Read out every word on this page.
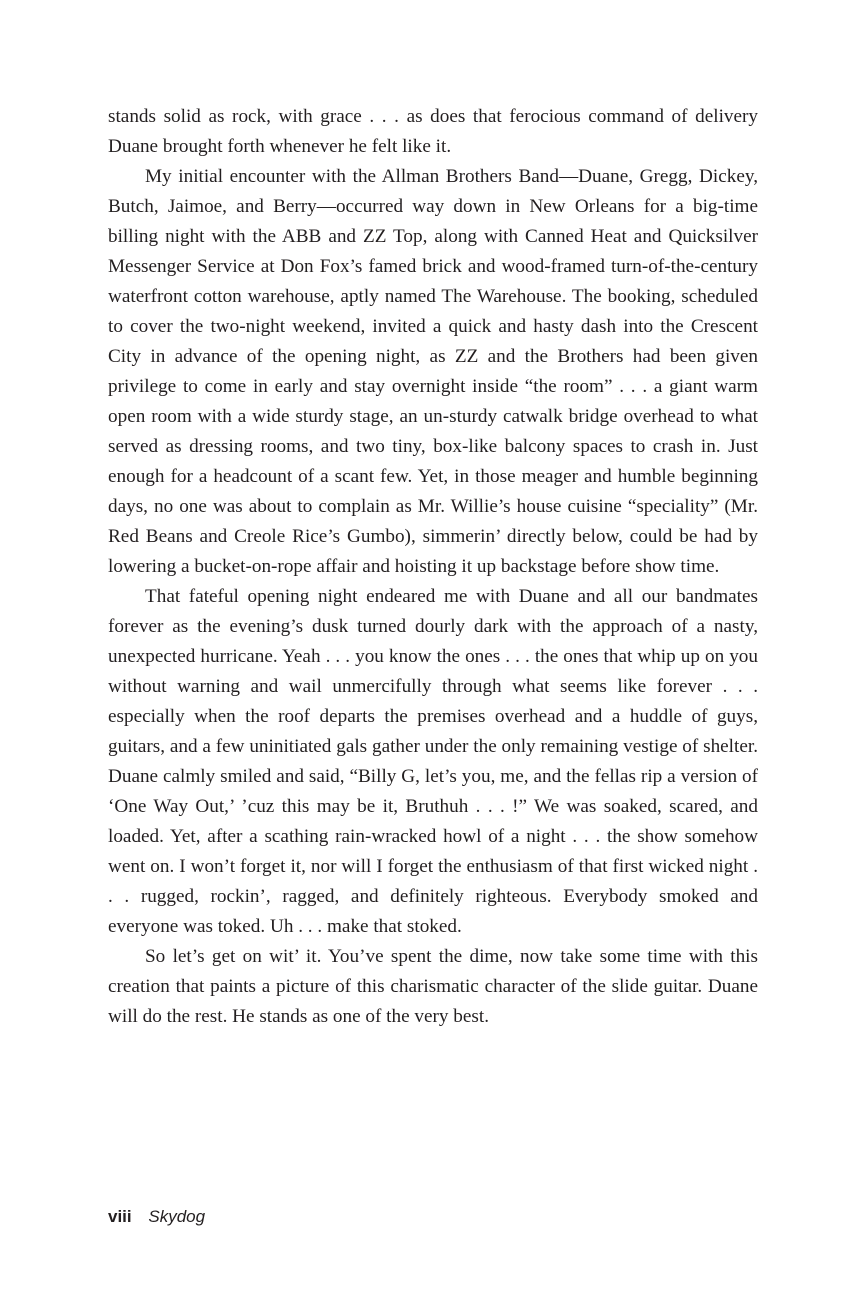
stands solid as rock, with grace . . . as does that ferocious command of delivery Duane brought forth whenever he felt like it.

My initial encounter with the Allman Brothers Band—Duane, Gregg, Dickey, Butch, Jaimoe, and Berry—occurred way down in New Orleans for a big-time billing night with the ABB and ZZ Top, along with Canned Heat and Quicksilver Messenger Service at Don Fox’s famed brick and wood-framed turn-of-the-century waterfront cotton warehouse, aptly named The Warehouse. The booking, scheduled to cover the two-night weekend, invited a quick and hasty dash into the Crescent City in advance of the opening night, as ZZ and the Brothers had been given privilege to come in early and stay overnight inside “the room” . . . a giant warm open room with a wide sturdy stage, an un-sturdy catwalk bridge overhead to what served as dressing rooms, and two tiny, box-like balcony spaces to crash in. Just enough for a headcount of a scant few. Yet, in those meager and humble beginning days, no one was about to complain as Mr. Willie’s house cuisine “speciality” (Mr. Red Beans and Creole Rice’s Gumbo), simmerin’ directly below, could be had by lowering a bucket-on-rope affair and hoisting it up backstage before show time.

That fateful opening night endeared me with Duane and all our bandmates forever as the evening’s dusk turned dourly dark with the approach of a nasty, unexpected hurricane. Yeah . . . you know the ones . . . the ones that whip up on you without warning and wail unmercifully through what seems like forever . . . especially when the roof departs the premises overhead and a huddle of guys, guitars, and a few uninitiated gals gather under the only remaining vestige of shelter. Duane calmly smiled and said, “Billy G, let’s you, me, and the fellas rip a version of ‘One Way Out,’ ’cuz this may be it, Bruthuh . . . !” We was soaked, scared, and loaded. Yet, after a scathing rain-wracked howl of a night . . . the show somehow went on. I won’t forget it, nor will I forget the enthusiasm of that first wicked night . . . rugged, rockin’, ragged, and definitely righteous. Everybody smoked and everyone was toked. Uh . . . make that stoked.

So let’s get on wit’ it. You’ve spent the dime, now take some time with this creation that paints a picture of this charismatic character of the slide guitar. Duane will do the rest. He stands as one of the very best.

viii Skydog
